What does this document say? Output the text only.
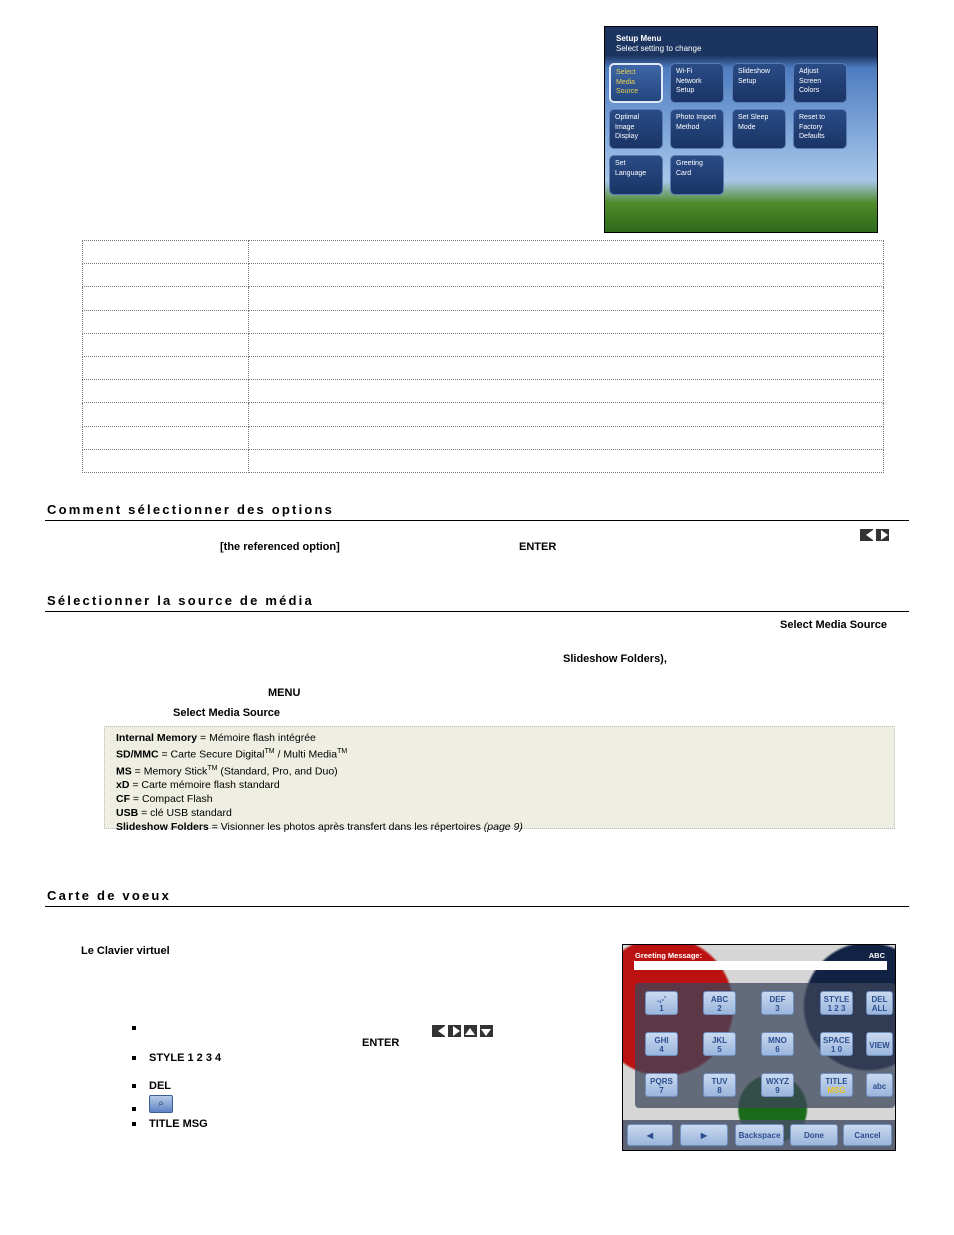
Setup Menu
Select setting to change
Select Media Source
Wi-Fi Network Setup
Slideshow Setup
Adjust Screen Colors
Optimal Image Display
Photo Import Method
Set Sleep Mode
Reset to Factory Defaults
Set Language
Greeting Card

Comment sélectionner des options
[the referenced option]	ENTER
Sélectionner la source de média
Select Media Source
Slideshow Folders),
MENU
Select Media Source
Internal Memory = Mémoire flash intégrée
SD/MMC = Carte Secure Digital™ / Multi Media™
MS = Memory Stick™ (Standard, Pro, and Duo)
xD = Carte mémoire flash standard
CF = Compact Flash
USB = clé USB standard
Slideshow Folders = Visionner les photos après transfert dans les répertoires (page 9)
Carte de voeux
Le Clavier virtuel
ENTER
STYLE 1 2 3 4
DEL
⌕
TITLE MSG
Greeting Message:	ABC
.,-'
1
ABC
2
DEF
3
STYLE
1 2 3
DEL
ALL
GHI
4
JKL
5
MNO
6
SPACE
1 0	VIEW
PQRS
7
TUV
8
WXYZ
9
TITLE
MSG	abc
◀	▶	Backspace	Done	Cancel
